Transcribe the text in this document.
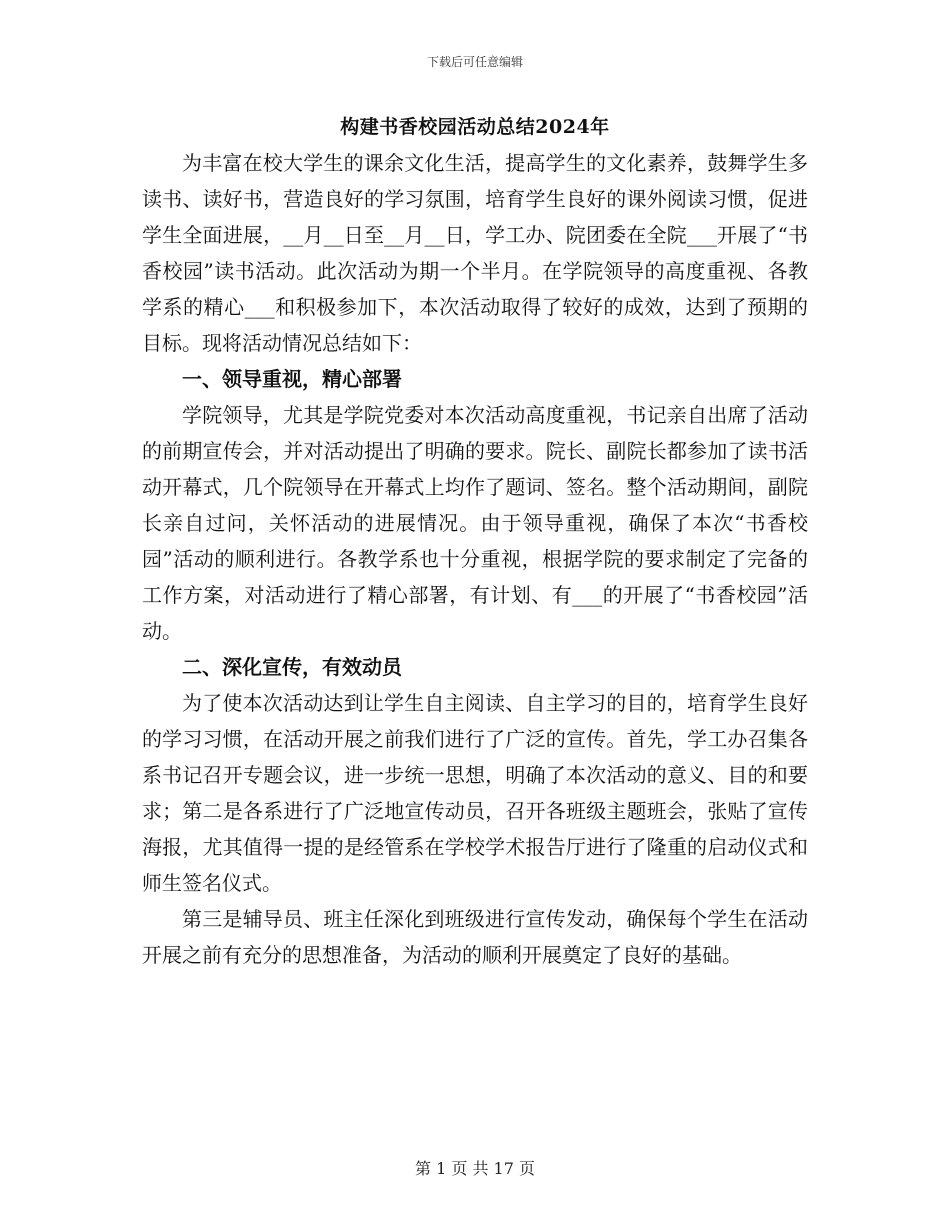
下载后可任意编辑
构建书香校园活动总结2024年

为丰富在校大学生的课余文化生活，提高学生的文化素养，鼓舞学生多读书、读好书，营造良好的学习氛围，培育学生良好的课外阅读习惯，促进学生全面进展，__月__日至__月__日，学工办、院团委在全院___开展了“书香校园”读书活动。此次活动为期一个半月。在学院领导的高度重视、各教学系的精心___和积极参加下，本次活动取得了较好的成效，达到了预期的目标。现将活动情况总结如下：

一、领导重视，精心部署

学院领导，尤其是学院党委对本次活动高度重视，书记亲自出席了活动的前期宣传会，并对活动提出了明确的要求。院长、副院长都参加了读书活动开幕式，几个院领导在开幕式上均作了题词、签名。整个活动期间，副院长亲自过问，关怀活动的进展情况。由于领导重视，确保了本次“书香校园”活动的顺利进行。各教学系也十分重视，根据学院的要求制定了完备的工作方案，对活动进行了精心部署，有计划、有___的开展了“书香校园”活动。

二、深化宣传，有效动员

为了使本次活动达到让学生自主阅读、自主学习的目的，培育学生良好的学习习惯，在活动开展之前我们进行了广泛的宣传。首先，学工办召集各系书记召开专题会议，进一步统一思想，明确了本次活动的意义、目的和要求；第二是各系进行了广泛地宣传动员，召开各班级主题班会，张贴了宣传海报，尤其值得一提的是经管系在学校学术报告厅进行了隆重的启动仪式和师生签名仪式。

第三是辅导员、班主任深化到班级进行宣传发动，确保每个学生在活动开展之前有充分的思想准备，为活动的顺利开展奠定了良好的基础。

第 1 页 共 17 页
